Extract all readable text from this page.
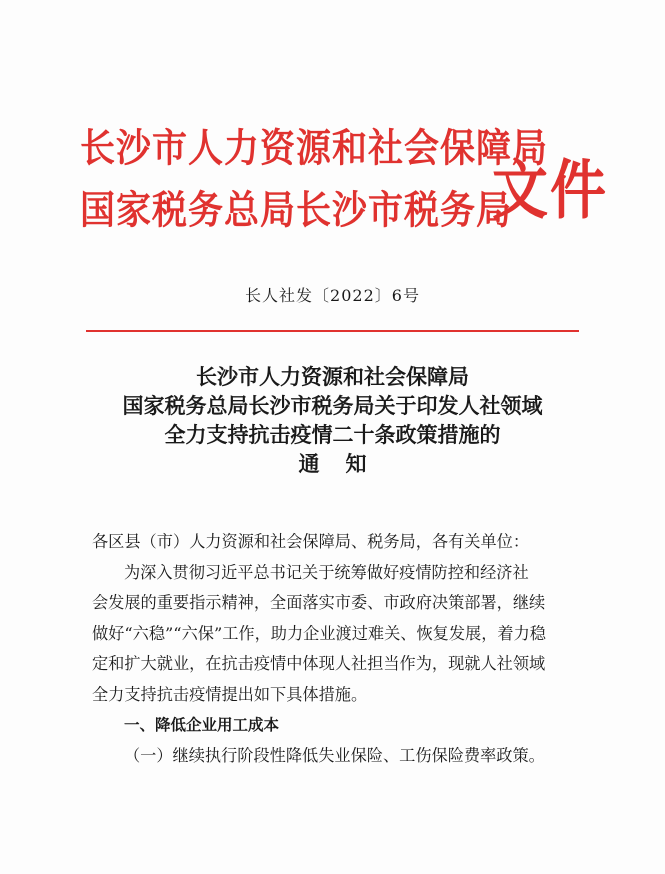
长沙市人力资源和社会保障局
国家税务总局长沙市税务局
文件
长人社发〔2022〕6号
长沙市人力资源和社会保障局
国家税务总局长沙市税务局关于印发人社领域
全力支持抗击疫情二十条政策措施的
通知
各区县（市）人力资源和社会保障局、税务局，各有关单位：
为深入贯彻习近平总书记关于统筹做好疫情防控和经济社
会发展的重要指示精神，全面落实市委、市政府决策部署，继续
做好“六稳”“六保”工作，助力企业渡过难关、恢复发展，着力稳
定和扩大就业，在抗击疫情中体现人社担当作为，现就人社领域
全力支持抗击疫情提出如下具体措施。
一、降低企业用工成本
（一）继续执行阶段性降低失业保险、工伤保险费率政策。
